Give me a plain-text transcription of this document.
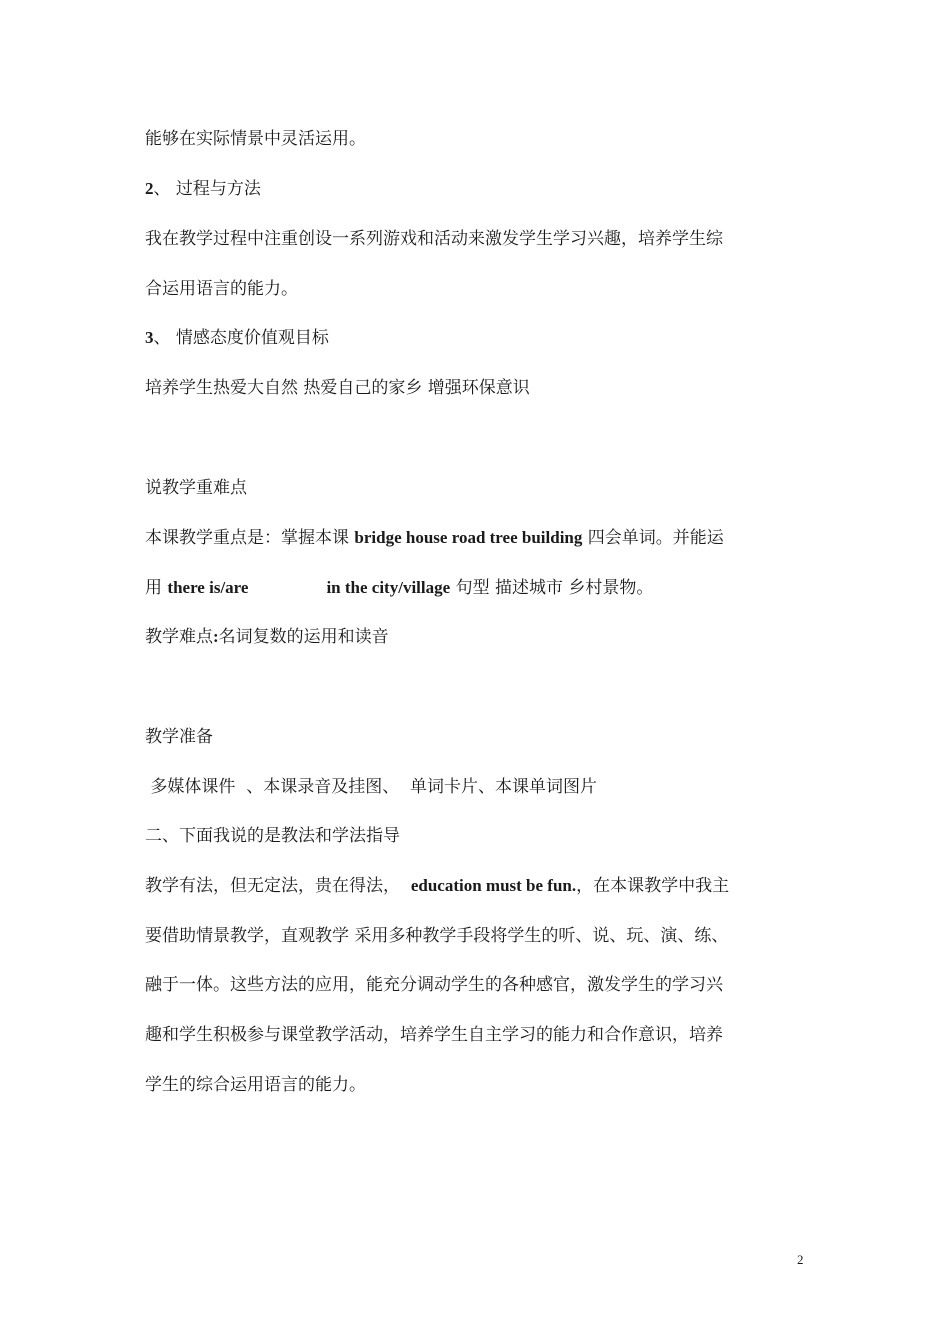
能够在实际情景中灵活运用。
2、 过程与方法
我在教学过程中注重创设一系列游戏和活动来激发学生学习兴趣，培养学生综
合运用语言的能力。
3、 情感态度价值观目标
培养学生热爱大自然 热爱自己的家乡 增强环保意识
说教学重难点
本课教学重点是：掌握本课 bridge house road tree building 四会单词。并能运
用 there is/are	in the city/village 句型 描述城市 乡村景物。
教学难点:名词复数的运用和读音
教学准备
多媒体课件  、本课录音及挂图、  单词卡片、本课单词图片
二、下面我说的是教法和学法指导
教学有法，但无定法，贵在得法，  education must be fun.，在本课教学中我主
要借助情景教学，直观教学 采用多种教学手段将学生的听、说、玩、演、练、
融于一体。这些方法的应用，能充分调动学生的各种感官，激发学生的学习兴
趣和学生积极参与课堂教学活动，培养学生自主学习的能力和合作意识，培养
学生的综合运用语言的能力。
2
